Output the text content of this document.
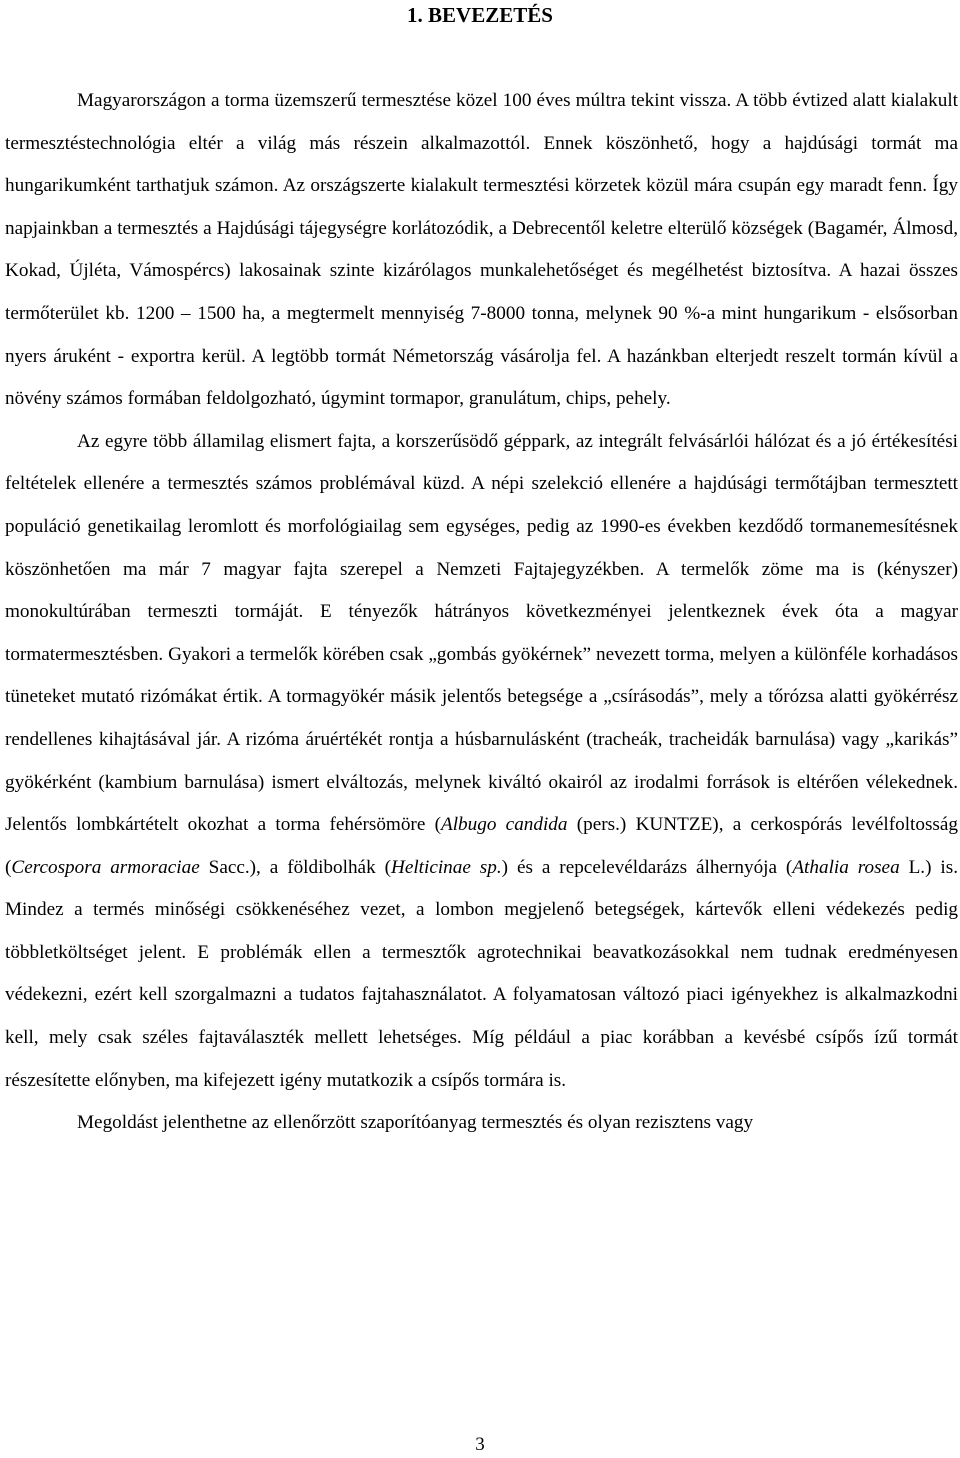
1. BEVEZETÉS

Magyarországon a torma üzemszerű termesztése közel 100 éves múltra tekint vissza. A több évtized alatt kialakult termesztéstechnológia eltér a világ más részein alkalmazottól. Ennek köszönhető, hogy a hajdúsági tormát ma hungarikumként tarthatjuk számon. Az országszerte kialakult termesztési körzetek közül mára csupán egy maradt fenn. Így napjainkban a termesztés a Hajdúsági tájegységre korlátozódik, a Debrecentől keletre elterülő községek (Bagamér, Álmosd, Kokad, Újléta, Vámospércs) lakosainak szinte kizárólagos munkalehetőséget és megélhetést biztosítva. A hazai összes termőterület kb. 1200 – 1500 ha, a megtermelt mennyiség 7-8000 tonna, melynek 90 %-a mint hungarikum - elsősorban nyers áruként - exportra kerül. A legtöbb tormát Németország vásárolja fel. A hazánkban elterjedt reszelt tormán kívül a növény számos formában feldolgozható, úgymint tormapor, granulátum, chips, pehely.

Az egyre több államilag elismert fajta, a korszerűsödő géppark, az integrált felvásárlói hálózat és a jó értékesítési feltételek ellenére a termesztés számos problémával küzd. A népi szelekció ellenére a hajdúsági termőtájban termesztett populáció genetikailag leromlott és morfológiailag sem egységes, pedig az 1990-es években kezdődő tormanemesítésnek köszönhetően ma már 7 magyar fajta szerepel a Nemzeti Fajtajegyzékben. A termelők zöme ma is (kényszer) monokultúrában termeszti tormáját. E tényezők hátrányos következményei jelentkeznek évek óta a magyar tormatermesztésben. Gyakori a termelők körében csak „gombás gyökérnek” nevezett torma, melyen a különféle korhadásos tüneteket mutató rizómákat értik. A tormagyökér másik jelentős betegsége a „csírásodás”, mely a tőrózsa alatti gyökérrész rendellenes kihajtásával jár. A rizóma áruértékét rontja a húsbarnulásként (tracheák, tracheidák barnulása) vagy „karikás” gyökérként (kambium barnulása) ismert elváltozás, melynek kiváltó okairól az irodalmi források is eltérően vélekednek. Jelentős lombkártételt okozhat a torma fehérsömöre (Albugo candida (pers.) KUNTZE), a cerkospórás levélfoltosság (Cercospora armoraciae Sacc.), a földibolhák (Helticinae sp.) és a repcelevéldarázs álhernyója (Athalia rosea L.) is. Mindez a termés minőségi csökkenéséhez vezet, a lombon megjelenő betegségek, kártevők elleni védekezés pedig többletköltséget jelent. E problémák ellen a termesztők agrotechnikai beavatkozásokkal nem tudnak eredményesen védekezni, ezért kell szorgalmazni a tudatos fajtahasználatot. A folyamatosan változó piaci igényekhez is alkalmazkodni kell, mely csak széles fajtaválaszték mellett lehetséges. Míg például a piac korábban a kevésbé csípős ízű tormát részesítette előnyben, ma kifejezett igény mutatkozik a csípős tormára is.

Megoldást jelenthetne az ellenőrzött szaporítóanyag termesztés és olyan rezisztens vagy

3
